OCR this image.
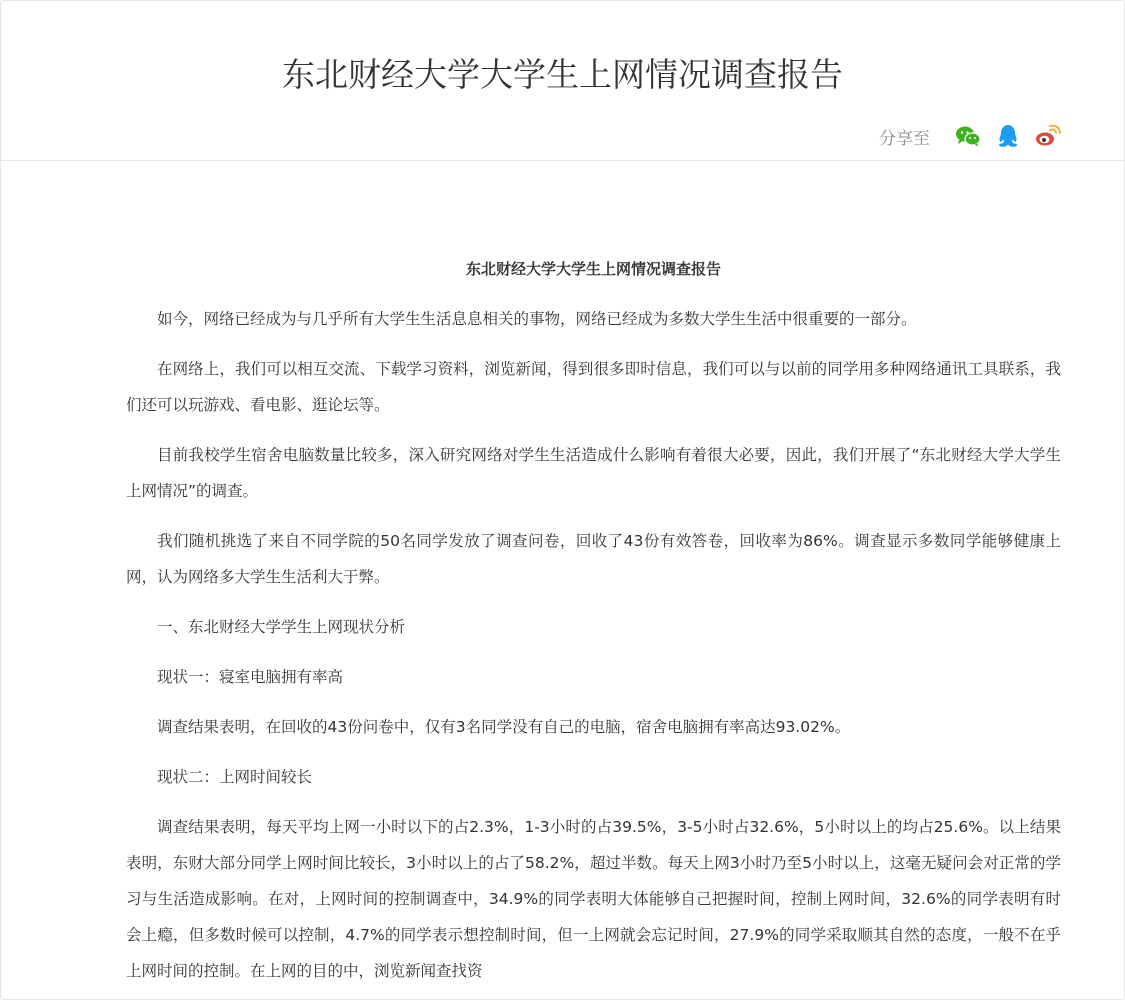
东北财经大学大学生上网情况调查报告
分享至
东北财经大学大学生上网情况调查报告

如今，网络已经成为与几乎所有大学生生活息息相关的事物，网络已经成为多数大学生生活中很重要的一部分。

在网络上，我们可以相互交流、下载学习资料，浏览新闻，得到很多即时信息，我们可以与以前的同学用多种网络通讯工具联系，我们还可以玩游戏、看电影、逛论坛等。

目前我校学生宿舍电脑数量比较多，深入研究网络对学生生活造成什么影响有着很大必要，因此，我们开展了“东北财经大学大学生上网情况”的调查。

我们随机挑选了来自不同学院的50名同学发放了调查问卷，回收了43份有效答卷，回收率为86%。调查显示多数同学能够健康上网，认为网络多大学生生活利大于弊。

一、东北财经大学学生上网现状分析

现状一：寝室电脑拥有率高

调查结果表明，在回收的43份问卷中，仅有3名同学没有自己的电脑，宿舍电脑拥有率高达93.02%。

现状二：上网时间较长

调查结果表明，每天平均上网一小时以下的占2.3%，1-3小时的占39.5%，3-5小时占32.6%，5小时以上的均占25.6%。以上结果表明，东财大部分同学上网时间比较长，3小时以上的占了58.2%，超过半数。每天上网3小时乃至5小时以上，这毫无疑问会对正常的学习与生活造成影响。在对，上网时间的控制调查中，34.9%的同学表明大体能够自己把握时间，控制上网时间，32.6%的同学表明有时会上瘾，但多数时候可以控制，4.7%的同学表示想控制时间，但一上网就会忘记时间，27.9%的同学采取顺其自然的态度，一般不在乎上网时间的控制。在上网的目的中，浏览新闻查找资
